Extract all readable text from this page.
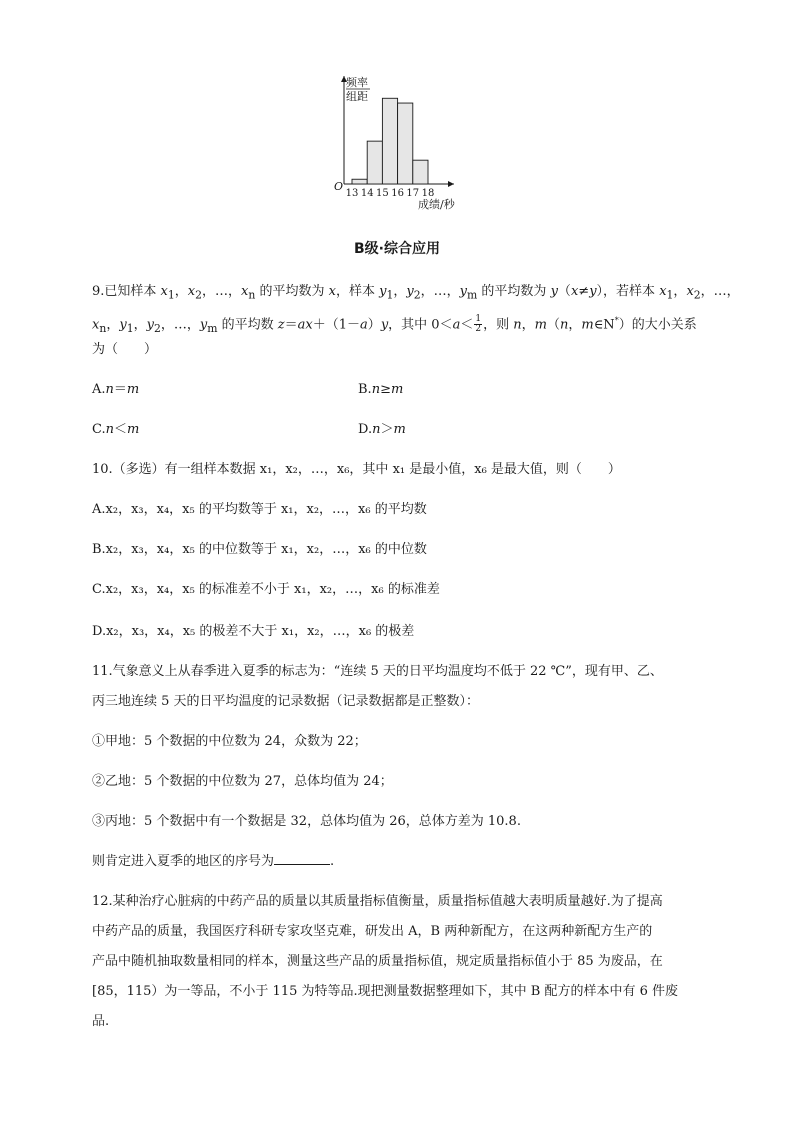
13 14 15 16 17 18
频率
组距
O
成绩/秒
B级·综合应用
9.已知样本 $x_1$，$x_2$，…，$x_n$ 的平均数为 x，样本 $y_1$，$y_2$，…，$y_m$ 的平均数为 y（x≠y），若样本 $x_1$，$x_2$，…，
$x_n$，$y_1$，$y_2$，…，$y_m$ 的平均数 z＝ax＋（1－a）y，其中 $0<a< \frac{1}{2}$ ，则 n，m（n，m∈N*）的大小关系
为（　　）
A.n＝m	B.n≥m
C.n＜m	D.n＞m
10.（多选）有一组样本数据 x₁，x₂，…，x₆，其中 x₁ 是最小值，x₆ 是最大值，则（　　）
A.x₂，x₃，x₄，x₅ 的平均数等于 x₁，x₂，…，x₆ 的平均数
B.x₂，x₃，x₄，x₅ 的中位数等于 x₁，x₂，…，x₆ 的中位数
C.x₂，x₃，x₄，x₅ 的标准差不小于 x₁，x₂，…，x₆ 的标准差
D.x₂，x₃，x₄，x₅ 的极差不大于 x₁，x₂，…，x₆ 的极差
11.气象意义上从春季进入夏季的标志为：“连续 5 天的日平均温度均不低于 22 ℃”，现有甲、乙、
丙三地连续 5 天的日平均温度的记录数据（记录数据都是正整数）：
①甲地：5 个数据的中位数为 24，众数为 22；
②乙地：5 个数据的中位数为 27，总体均值为 24；
③丙地：5 个数据中有一个数据是 32，总体均值为 26，总体方差为 10.8.
则肯定进入夏季的地区的序号为	.
12.某种治疗心脏病的中药产品的质量以其质量指标值衡量，质量指标值越大表明质量越好.为了提高
中药产品的质量，我国医疗科研专家攻坚克难，研发出 A，B 两种新配方，在这两种新配方生产的
产品中随机抽取数量相同的样本，测量这些产品的质量指标值，规定质量指标值小于 85 为废品，在
[85，115）为一等品，不小于 115 为特等品.现把测量数据整理如下，其中 B 配方的样本中有 6 件废
品.
